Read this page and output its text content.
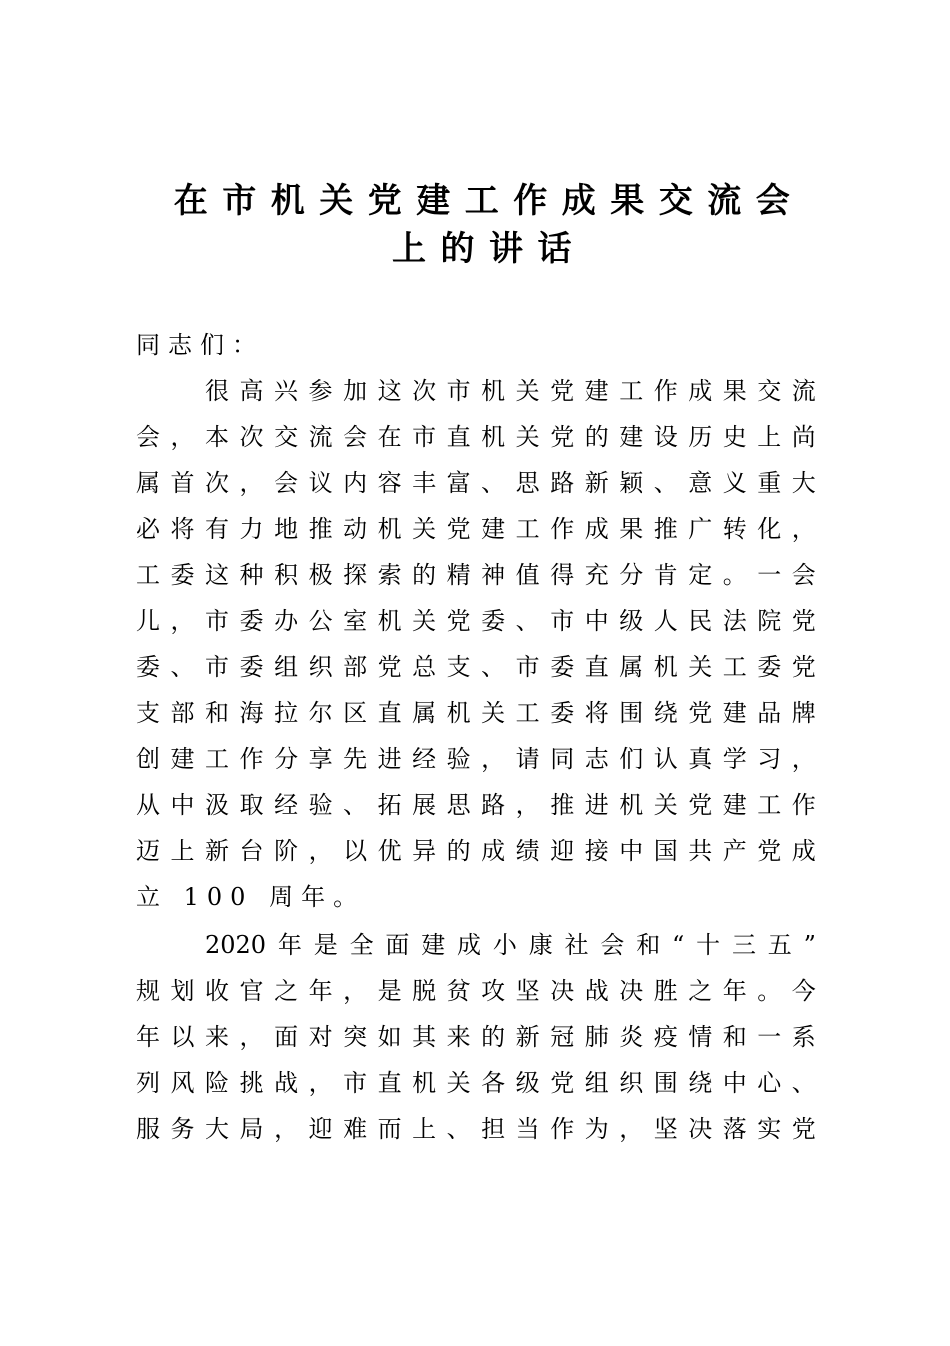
在市机关党建工作成果交流会
上的讲话
同志们：
很 高 兴 参 加 这 次 市 机 关 党 建 工 作 成 果 交 流
会 ， 本 次 交 流 会 在 市 直 机 关 党 的 建 设 历 史 上 尚
属 首 次 ， 会 议 内 容 丰 富 、 思 路 新 颖 、 意 义 重 大
必 将 有 力 地 推 动 机 关 党 建 工 作 成 果 推 广 转 化 ，
工 委 这 种 积 极 探 索 的 精 神 值 得 充 分 肯 定 。 一 会
儿 ， 市 委 办 公 室 机 关 党 委 、 市 中 级 人 民 法 院 党
委 、 市 委 组 织 部 党 总 支 、 市 委 直 属 机 关 工 委 党
支 部 和 海 拉 尔 区 直 属 机 关 工 委 将 围 绕 党 建 品 牌
创 建 工 作 分 享 先 进 经 验 ， 请 同 志 们 认 真 学 习 ，
从 中 汲 取 经 验 、 拓 展 思 路 ， 推 进 机 关 党 建 工 作
迈 上 新 台 阶 ， 以 优 异 的 成 绩 迎 接 中 国 共 产 党 成
立 100 周年。
2020 年 是 全 面 建 成 小 康 社 会 和 “ 十 三 五 ”
规 划 收 官 之 年 ， 是 脱 贫 攻 坚 决 战 决 胜 之 年 。 今
年 以 来 ， 面 对 突 如 其 来 的 新 冠 肺 炎 疫 情 和 一 系
列 风 险 挑 战 ， 市 直 机 关 各 级 党 组 织 围 绕 中 心 、
服 务 大 局 ， 迎 难 而 上 、 担 当 作 为 ， 坚 决 落 实 党
